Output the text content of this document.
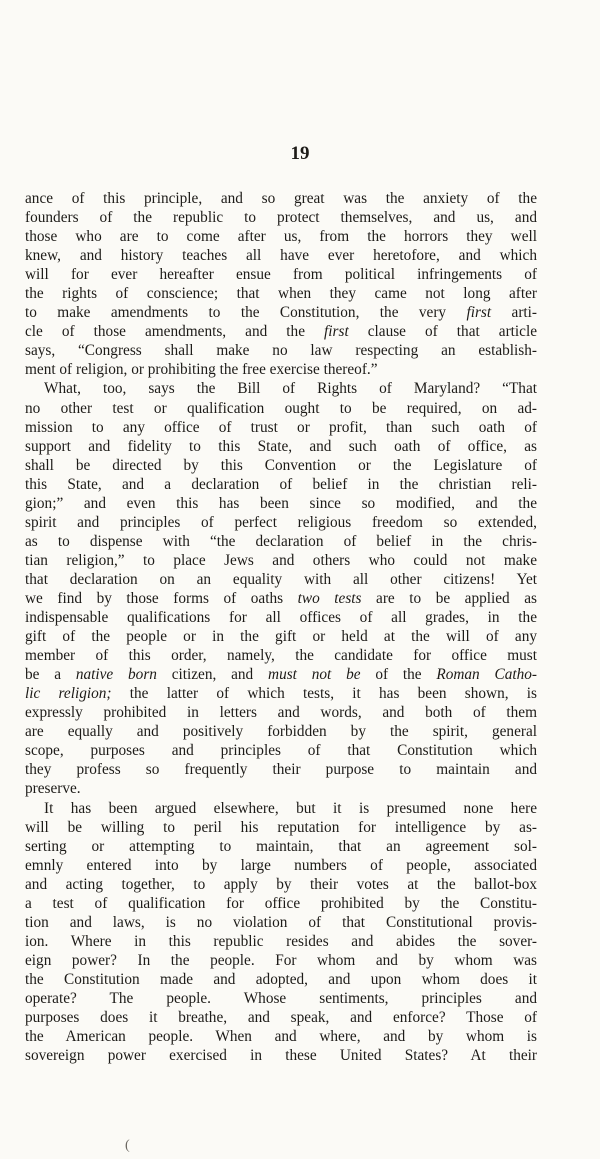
19
ance of this principle, and so great was the anxiety of the
founders of the republic to protect themselves, and us, and
those who are to come after us, from the horrors they well
knew, and history teaches all have ever heretofore, and which
will for ever hereafter ensue from political infringements of
the rights of conscience; that when they came not long after
to make amendments to the Constitution, the very first arti-
cle of those amendments, and the first clause of that article
says, “Congress shall make no law respecting an establish-
ment of religion, or prohibiting the free exercise thereof.”
What, too, says the Bill of Rights of Maryland? “That
no other test or qualification ought to be required, on ad-
mission to any office of trust or profit, than such oath of
support and fidelity to this State, and such oath of office, as
shall be directed by this Convention or the Legislature of
this State, and a declaration of belief in the christian reli-
gion;” and even this has been since so modified, and the
spirit and principles of perfect religious freedom so extended,
as to dispense with “the declaration of belief in the chris-
tian religion,” to place Jews and others who could not make
that declaration on an equality with all other citizens! Yet
we find by those forms of oaths two tests are to be applied as
indispensable qualifications for all offices of all grades, in the
gift of the people or in the gift or held at the will of any
member of this order, namely, the candidate for office must
be a native born citizen, and must not be of the Roman Catho-
lic religion; the latter of which tests, it has been shown, is
expressly prohibited in letters and words, and both of them
are equally and positively forbidden by the spirit, general
scope, purposes and principles of that Constitution which
they profess so frequently their purpose to maintain and
preserve.
It has been argued elsewhere, but it is presumed none here
will be willing to peril his reputation for intelligence by as-
serting or attempting to maintain, that an agreement sol-
emnly entered into by large numbers of people, associated
and acting together, to apply by their votes at the ballot-box
a test of qualification for office prohibited by the Constitu-
tion and laws, is no violation of that Constitutional provis-
ion. Where in this republic resides and abides the sover-
eign power? In the people. For whom and by whom was
the Constitution made and adopted, and upon whom does it
operate? The people. Whose sentiments, principles and
purposes does it breathe, and speak, and enforce? Those of
the American people. When and where, and by whom is
sovereign power exercised in these United States? At their
(
